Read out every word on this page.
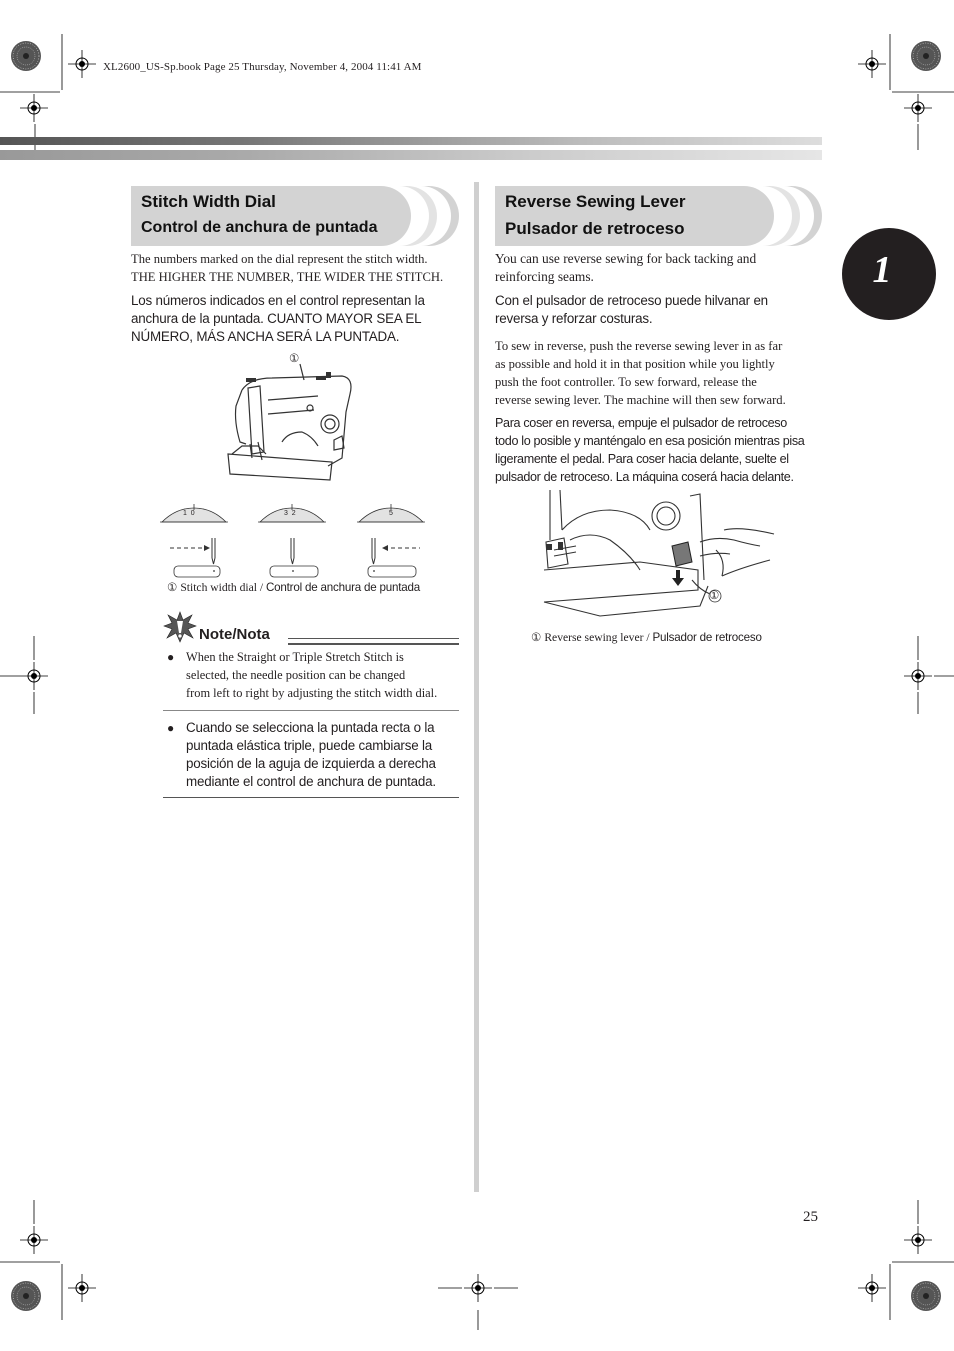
XL2600_US-Sp.book Page 25 Thursday, November 4, 2004 11:41 AM
1
Stitch Width Dial
Control de anchura de puntada
The numbers marked on the dial represent the stitch width.
THE HIGHER THE NUMBER, THE WIDER THE STITCH.
Los números indicados en el control representan la
anchura de la puntada. CUANTO MAYOR SEA EL
NÚMERO, MÁS ANCHA SERÁ LA PUNTADA.
①
1  0	3  2	5
① Stitch width dial / Control de anchura de puntada
Note/Nota
● When the Straight or Triple Stretch Stitch is
selected, the needle position can be changed
from left to right by adjusting the stitch width dial.
● Cuando se selecciona la puntada recta o la
puntada elástica triple, puede cambiarse la
posición de la aguja de izquierda a derecha
mediante el control de anchura de puntada.
Reverse Sewing Lever
Pulsador de retroceso
You can use reverse sewing for back tacking and
reinforcing seams.
Con el pulsador de retroceso puede hilvanar en
reversa y reforzar costuras.
To sew in reverse, push the reverse sewing lever in as far
as possible and hold it in that position while you lightly
push the foot controller. To sew forward, release the
reverse sewing lever. The machine will then sew forward.
Para coser en reversa, empuje el pulsador de retroceso
todo lo posible y manténgalo en esa posición mientras pisa
ligeramente el pedal. Para coser hacia delante, suelte el
pulsador de retroceso. La máquina coserá hacia delante.
①
① Reverse sewing lever / Pulsador de retroceso
25
